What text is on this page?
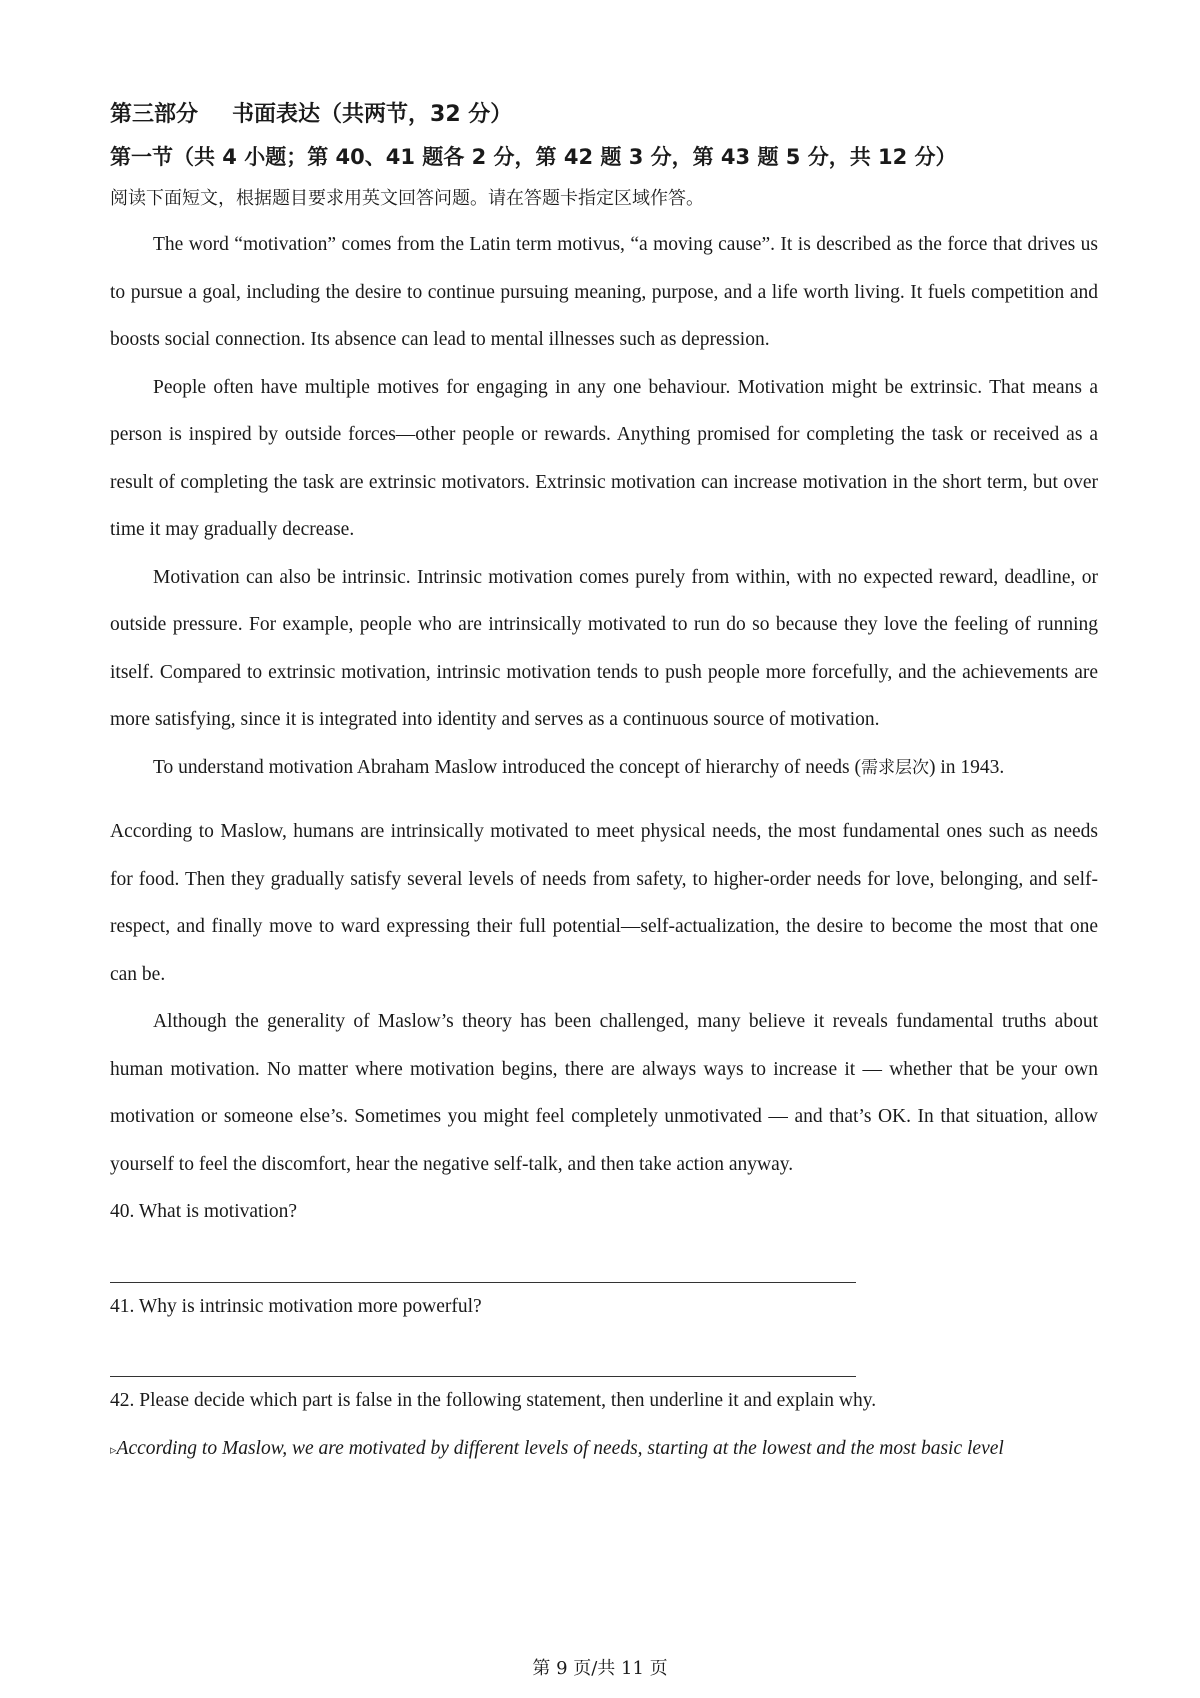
第三部分 书面表达（共两节，32 分）

第一节（共 4 小题；第 40、41 题各 2 分，第 42 题 3 分，第 43 题 5 分，共 12 分）

阅读下面短文，根据题目要求用英文回答问题。请在答题卡指定区域作答。

The word “motivation” comes from the Latin term motivus, “a moving cause”. It is described as the force that drives us to pursue a goal, including the desire to continue pursuing meaning, purpose, and a life worth living. It fuels competition and boosts social connection. Its absence can lead to mental illnesses such as depression.

People often have multiple motives for engaging in any one behaviour. Motivation might be extrinsic. That means a person is inspired by outside forces—other people or rewards. Anything promised for completing the task or received as a result of completing the task are extrinsic motivators. Extrinsic motivation can increase motivation in the short term, but over time it may gradually decrease.

Motivation can also be intrinsic. Intrinsic motivation comes purely from within, with no expected reward, deadline, or outside pressure. For example, people who are intrinsically motivated to run do so because they love the feeling of running itself. Compared to extrinsic motivation, intrinsic motivation tends to push people more forcefully, and the achievements are more satisfying, since it is integrated into identity and serves as a continuous source of motivation.

To understand motivation Abraham Maslow introduced the concept of hierarchy of needs (需求层次) in 1943.

According to Maslow, humans are intrinsically motivated to meet physical needs, the most fundamental ones such as needs for food. Then they gradually satisfy several levels of needs from safety, to higher-order needs for love, belonging, and self-respect, and finally move to ward expressing their full potential—self-actualization, the desire to become the most that one can be.

Although the generality of Maslow’s theory has been challenged, many believe it reveals fundamental truths about human motivation. No matter where motivation begins, there are always ways to increase it — whether that be your own motivation or someone else’s. Sometimes you might feel completely unmotivated — and that’s OK. In that situation, allow yourself to feel the discomfort, hear the negative self-talk, and then take action anyway.

40. What is motivation?

41. Why is intrinsic motivation more powerful?

42. Please decide which part is false in the following statement, then underline it and explain why.

▹According to Maslow, we are motivated by different levels of needs, starting at the lowest and the most basic level

第 9 页/共 11 页
